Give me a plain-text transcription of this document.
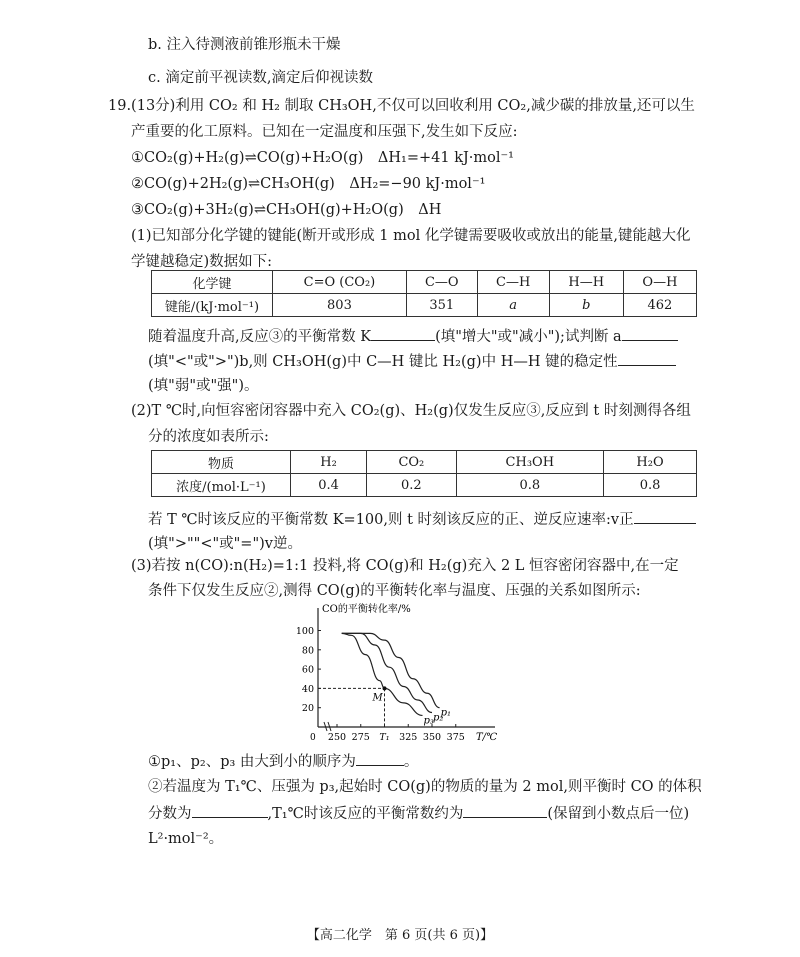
b. 注入待测液前锥形瓶未干燥
c. 滴定前平视读数,滴定后仰视读数
19.(13分)利用 CO₂ 和 H₂ 制取 CH₃OH,不仅可以回收利用 CO₂,减少碳的排放量,还可以生
产重要的化工原料。已知在一定温度和压强下,发生如下反应:
①CO₂(g)+H₂(g)⇌CO(g)+H₂O(g)　ΔH₁=+41 kJ·mol⁻¹
②CO(g)+2H₂(g)⇌CH₃OH(g)　ΔH₂=−90 kJ·mol⁻¹
③CO₂(g)+3H₂(g)⇌CH₃OH(g)+H₂O(g)　ΔH
(1)已知部分化学键的键能(断开或形成 1 mol 化学键需要吸收或放出的能量,键能越大化
学键越稳定)数据如下:
化学键	C=O (CO₂)	C—O	C—H	H—H	O—H
键能/(kJ·mol⁻¹)	803	351	a	b	462
随着温度升高,反应③的平衡常数 K	(填"增大"或"减小");试判断 a
(填"<"或">")b,则 CH₃OH(g)中 C—H 键比 H₂(g)中 H—H 键的稳定性
(填"弱"或"强")。
(2)T ℃时,向恒容密闭容器中充入 CO₂(g)、H₂(g)仅发生反应③,反应到 t 时刻测得各组
分的浓度如表所示:
物质	H₂	CO₂	CH₃OH	H₂O
浓度/(mol·L⁻¹)	0.4	0.2	0.8	0.8
若 T ℃时该反应的平衡常数 K=100,则 t 时刻该反应的正、逆反应速率:v正
(填">""<"或"=")v逆。
(3)若按 n(CO):n(H₂)=1:1 投料,将 CO(g)和 H₂(g)充入 2 L 恒容密闭容器中,在一定
条件下仅发生反应②,测得 CO(g)的平衡转化率与温度、压强的关系如图所示:
CO的平衡转化率/%
T/℃
0
20
40
60
80
100
250 275 T₁ 325 350 375
p₁
p₂
p₃
M
①p₁、p₂、p₃ 由大到小的顺序为	。
②若温度为 T₁℃、压强为 p₃,起始时 CO(g)的物质的量为 2 mol,则平衡时 CO 的体积
分数为	,T₁℃时该反应的平衡常数约为	(保留到小数点后一位)
L²·mol⁻²。
【高二化学　第 6 页(共 6 页)】
